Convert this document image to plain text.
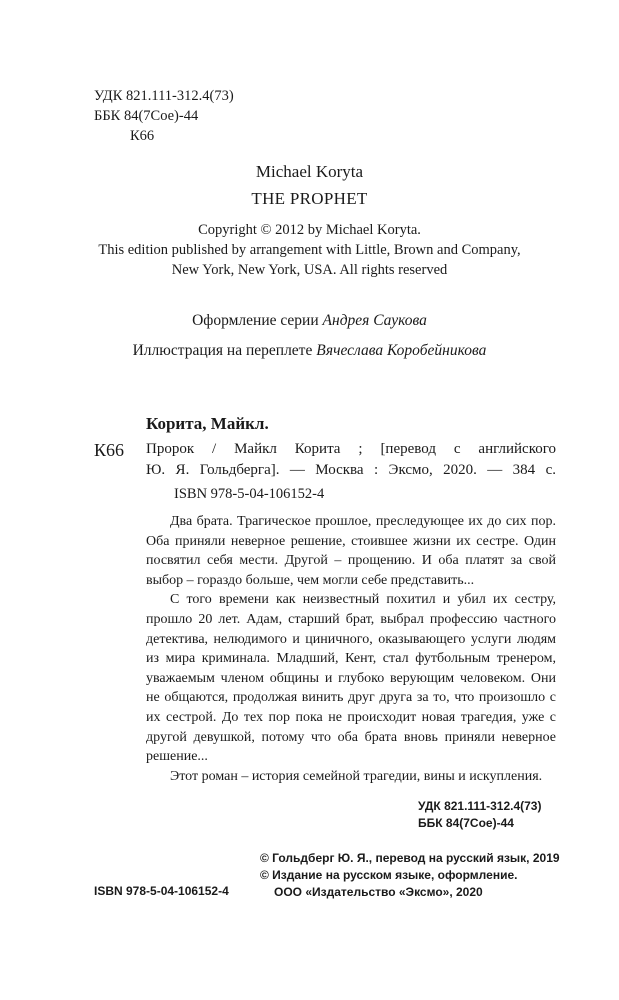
УДК 821.111-312.4(73)
ББК 84(7Сое)-44
К66
Michael Koryta
THE PROPHET
Copyright © 2012 by Michael Koryta.
This edition published by arrangement with Little, Brown and Company,
New York, New York, USA. All rights reserved
Оформление серии Андрея Саукова
Иллюстрация на переплете Вячеслава Коробейникова
Корита, Майкл.
К66 Пророк / Майкл Корита ; [перевод с английского
Ю. Я. Гольдберга]. — Москва : Эксмо, 2020. — 384 с.
ISBN 978-5-04-106152-4

Два брата. Трагическое прошлое, преследующее их до сих пор. Оба приняли неверное решение, стоившее жизни их сестре. Один посвятил себя мести. Другой – прощению. И оба платят за свой выбор – гораздо больше, чем могли себе представить...

С того времени как неизвестный похитил и убил их сестру, прошло 20 лет. Адам, старший брат, выбрал профессию частного детектива, нелюдимого и циничного, оказывающего услуги людям из мира криминала. Младший, Кент, стал футбольным тренером, уважаемым членом общины и глубоко верующим человеком. Они не общаются, продолжая винить друг друга за то, что произошло с их сестрой. До тех пор пока не происходит новая трагедия, уже с другой девушкой, потому что оба брата вновь приняли неверное решение...

Этот роман – история семейной трагедии, вины и искупления.

УДК 821.111-312.4(73)
ББК 84(7Сое)-44
© Гольдберг Ю. Я., перевод на русский язык, 2019
© Издание на русском языке, оформление.
ООО «Издательство «Эксмо», 2020
ISBN 978-5-04-106152-4
